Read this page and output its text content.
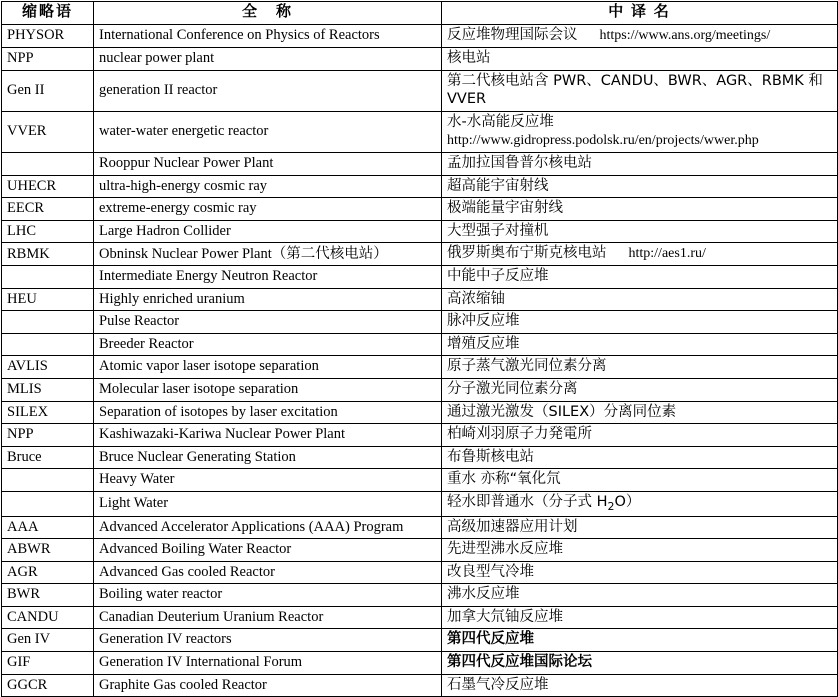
缩略语	全　称	中 译 名
PHYSOR	International Conference on Physics of Reactors	反应堆物理国际会议 https://www.ans.org/meetings/
NPP	nuclear power plant	核电站
Gen II	generation II reactor	第二代核电站含 PWR、CANDU、BWR、AGR、RBMK 和 VVER
VVER	water-water energetic reactor	水-水高能反应堆http://www.gidropress.podolsk.ru/en/projects/wwer.php
	Rooppur Nuclear Power Plant	孟加拉国鲁普尔核电站
UHECR	ultra-high-energy cosmic ray	超高能宇宙射线
EECR	extreme-energy cosmic ray	极端能量宇宙射线
LHC	Large Hadron Collider	大型强子对撞机
RBMK	Obninsk Nuclear Power Plant（第二代核电站）	俄罗斯奥布宁斯克核电站 http://aes1.ru/
	Intermediate Energy Neutron Reactor	中能中子反应堆
HEU	Highly enriched uranium	高浓缩铀
	Pulse Reactor	脉冲反应堆
	Breeder Reactor	增殖反应堆
AVLIS	Atomic vapor laser isotope separation	原子蒸气激光同位素分离
MLIS	Molecular laser isotope separation	分子激光同位素分离
SILEX	Separation of isotopes by laser excitation	通过激光激发（SILEX）分离同位素
NPP	Kashiwazaki-Kariwa Nuclear Power Plant	柏崎刈羽原子力発電所
Bruce	Bruce Nuclear Generating Station	布鲁斯核电站
	Heavy Water	重水 亦称“氧化氘
	Light Water	轻水即普通水（分子式 $H_2O$）
AAA	Advanced Accelerator Applications (AAA) Program	高级加速器应用计划
ABWR	Advanced Boiling Water Reactor	先进型沸水反应堆
AGR	Advanced Gas cooled Reactor	改良型气冷堆
BWR	Boiling water reactor	沸水反应堆
CANDU	Canadian Deuterium Uranium Reactor	加拿大氘铀反应堆
Gen IV	Generation IV reactors	第四代反应堆
GIF	Generation IV International Forum	第四代反应堆国际论坛
GGCR	Graphite Gas cooled Reactor	石墨气冷反应堆
